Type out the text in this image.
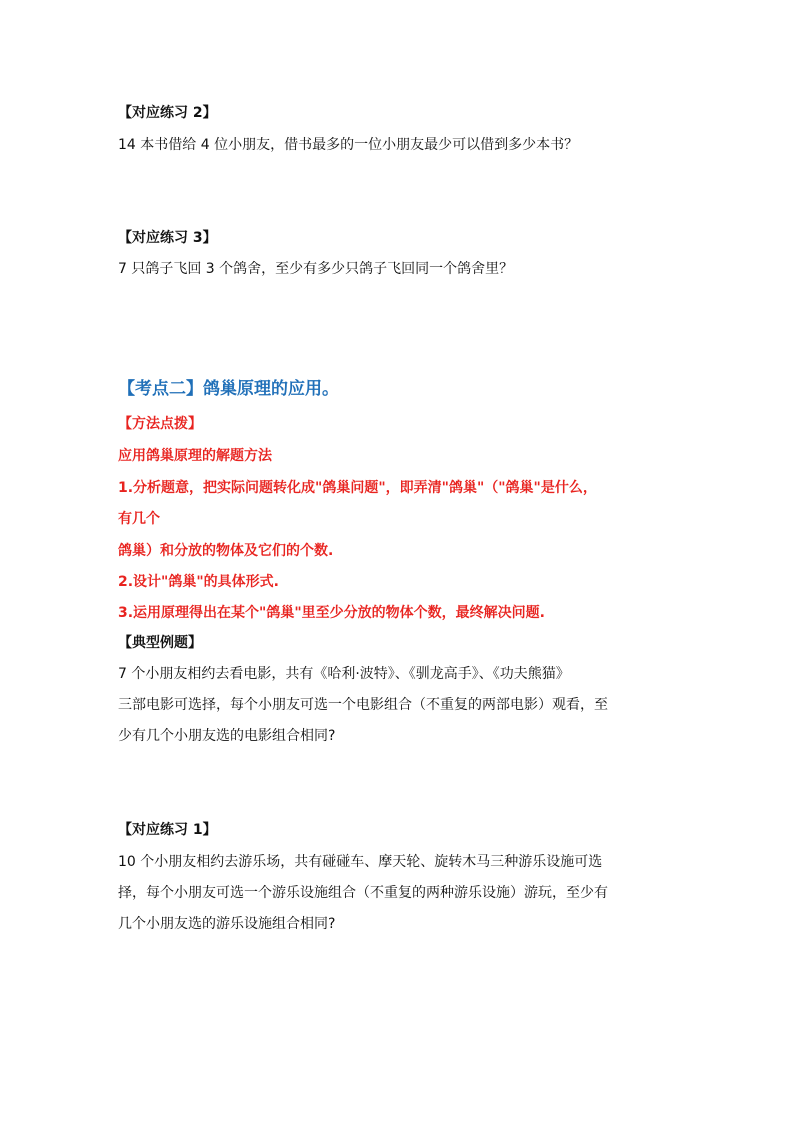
【对应练习 2】
14 本书借给 4 位小朋友，借书最多的一位小朋友最少可以借到多少本书？
【对应练习 3】
7 只鸽子飞回 3 个鸽舍，至少有多少只鸽子飞回同一个鸽舍里？
【考点二】鸽巢原理的应用。
【方法点拨】
应用鸽巢原理的解题方法
1.分析题意，把实际问题转化成"鸽巢问题"，即弄清"鸽巢"（"鸽巢"是什么，
有几个
鸽巢）和分放的物体及它们的个数.
2.设计"鸽巢"的具体形式.
3.运用原理得出在某个"鸽巢"里至少分放的物体个数，最终解决问题.
【典型例题】
7 个小朋友相约去看电影，共有《哈利·波特》、《驯龙高手》、《功夫熊猫》
三部电影可选择，每个小朋友可选一个电影组合（不重复的两部电影）观看，至
少有几个小朋友选的电影组合相同?
【对应练习 1】
10 个小朋友相约去游乐场，共有碰碰车、摩天轮、旋转木马三种游乐设施可选
择，每个小朋友可选一个游乐设施组合（不重复的两种游乐设施）游玩，至少有
几个小朋友选的游乐设施组合相同?
